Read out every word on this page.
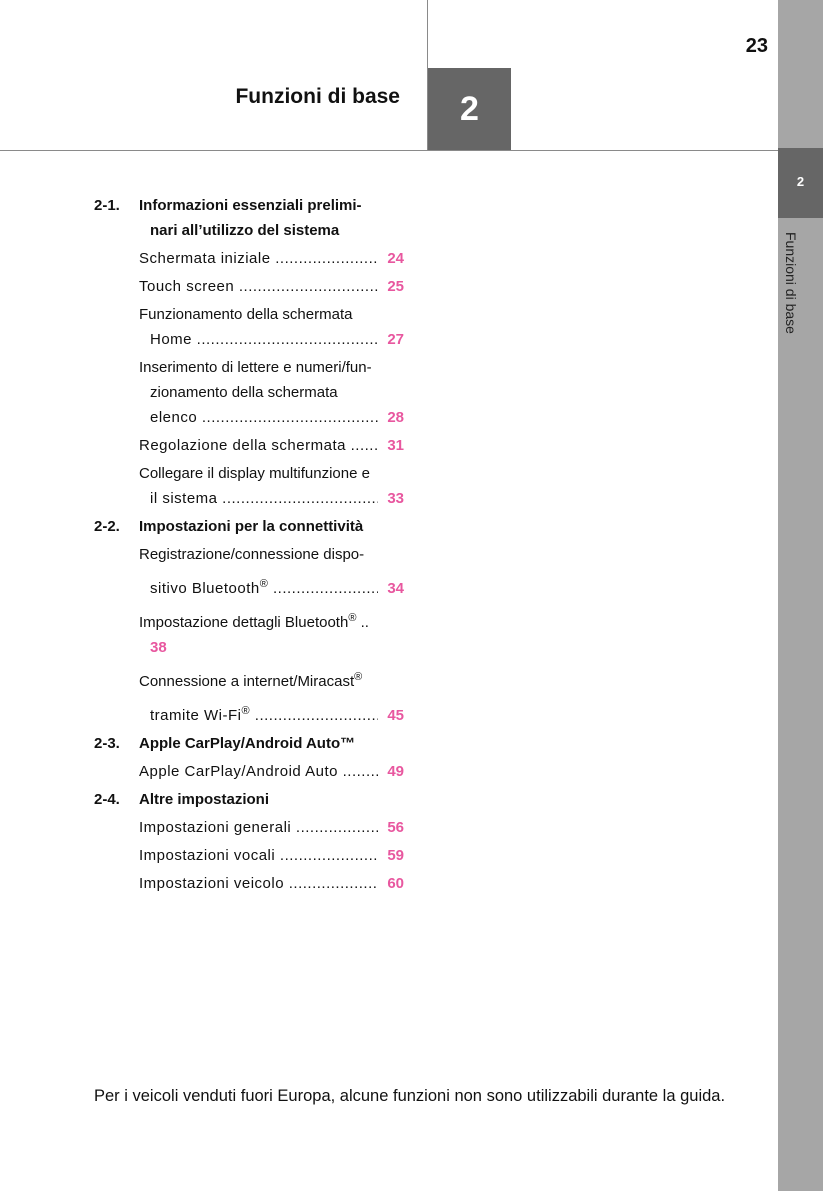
Funzioni di base	2
23
2
Funzioni di base
2-1. Informazioni essenziali prelimi-
nari all’utilizzo del sistema
Schermata iniziale .....	24
Touch screen .....	25
Funzionamento della schermata
Home .....	27
Inserimento di lettere e numeri/fun-
zionamento della schermata
elenco .....	28
Regolazione della schermata .....	31
Collegare il display multifunzione e
il sistema .....	33
2-2. Impostazioni per la connettività
Registrazione/connessione dispo-
sitivo Bluetooth® .....	34
Impostazione dettagli Bluetooth® ..
38
Connessione a internet/Miracast®
tramite Wi-Fi® .....	45
2-3. Apple CarPlay/Android Auto™
Apple CarPlay/Android Auto .....	49
2-4. Altre impostazioni
Impostazioni generali .....	56
Impostazioni vocali .....	59
Impostazioni veicolo .....	60
Per i veicoli venduti fuori Europa, alcune funzioni non sono utilizzabili durante la guida.
